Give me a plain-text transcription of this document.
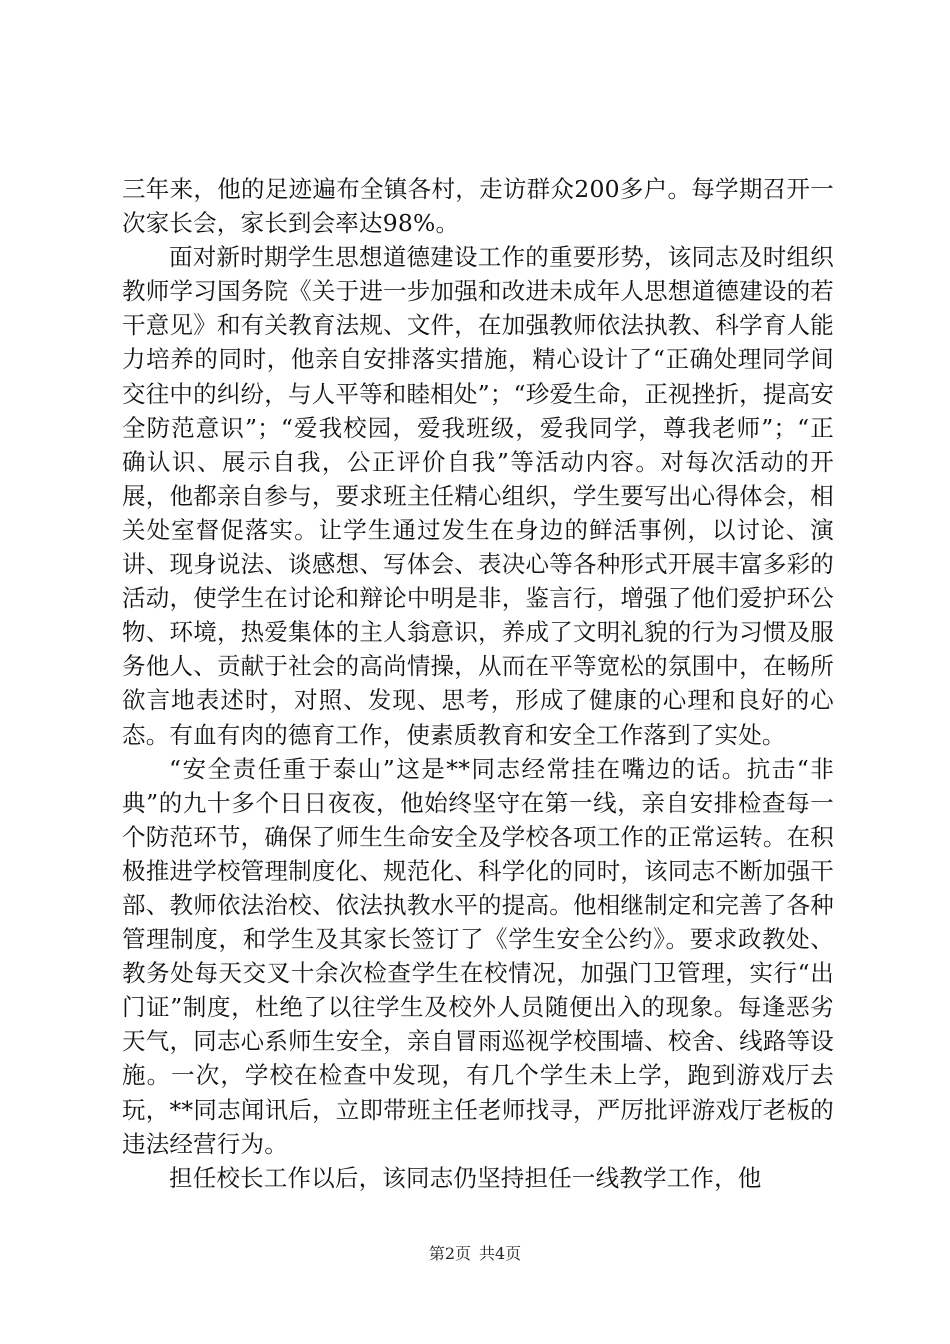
三年来，他的足迹遍布全镇各村，走访群众200多户。每学期召开一次家长会，家长到会率达98%。

面对新时期学生思想道德建设工作的重要形势，该同志及时组织教师学习国务院《关于进一步加强和改进未成年人思想道德建设的若干意见》和有关教育法规、文件，在加强教师依法执教、科学育人能力培养的同时，他亲自安排落实措施，精心设计了“正确处理同学间交往中的纠纷，与人平等和睦相处”；“珍爱生命，正视挫折，提高安全防范意识”；“爱我校园，爱我班级，爱我同学，尊我老师”；“正确认识、展示自我，公正评价自我”等活动内容。对每次活动的开展，他都亲自参与，要求班主任精心组织，学生要写出心得体会，相关处室督促落实。让学生通过发生在身边的鲜活事例，以讨论、演讲、现身说法、谈感想、写体会、表决心等各种形式开展丰富多彩的活动，使学生在讨论和辩论中明是非，鉴言行，增强了他们爱护环公物、环境，热爱集体的主人翁意识，养成了文明礼貌的行为习惯及服务他人、贡献于社会的高尚情操，从而在平等宽松的氛围中，在畅所欲言地表述时，对照、发现、思考，形成了健康的心理和良好的心态。有血有肉的德育工作，使素质教育和安全工作落到了实处。

“安全责任重于泰山”这是**同志经常挂在嘴边的话。抗击“非典”的九十多个日日夜夜，他始终坚守在第一线，亲自安排检查每一个防范环节，确保了师生生命安全及学校各项工作的正常运转。在积极推进学校管理制度化、规范化、科学化的同时，该同志不断加强干部、教师依法治校、依法执教水平的提高。他相继制定和完善了各种管理制度，和学生及其家长签订了《学生安全公约》。要求政教处、教务处每天交叉十余次检查学生在校情况，加强门卫管理，实行“出门证”制度，杜绝了以往学生及校外人员随便出入的现象。每逢恶劣天气，同志心系师生安全，亲自冒雨巡视学校围墙、校舍、线路等设施。一次，学校在检查中发现，有几个学生未上学，跑到游戏厅去玩，**同志闻讯后，立即带班主任老师找寻，严厉批评游戏厅老板的违法经营行为。

担任校长工作以后，该同志仍坚持担任一线教学工作，他

第2页 共4页
